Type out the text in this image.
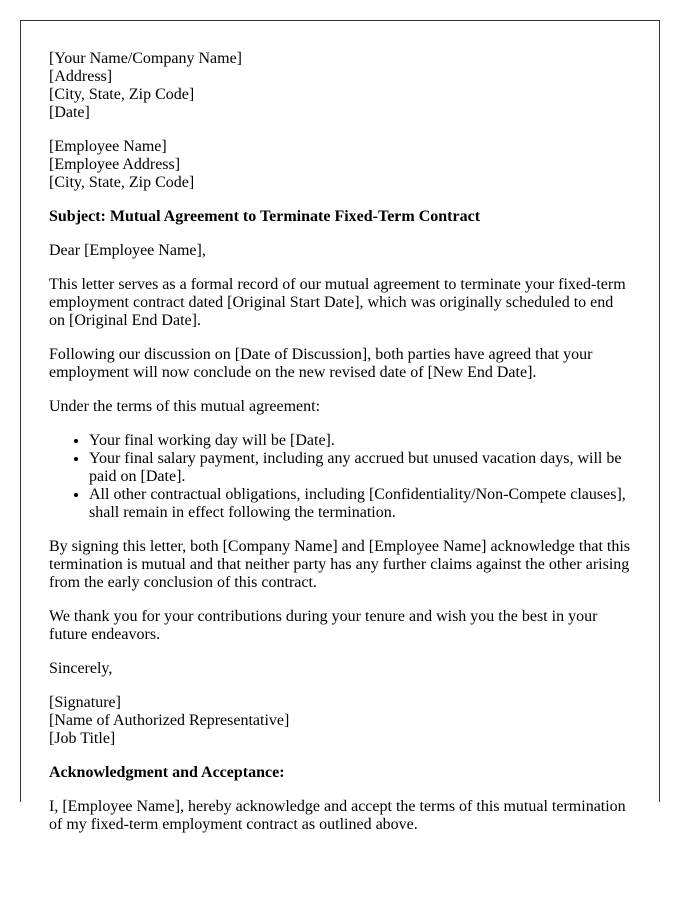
[Your Name/Company Name]
[Address]
[City, State, Zip Code]
[Date]
[Employee Name]
[Employee Address]
[City, State, Zip Code]

Subject: Mutual Agreement to Terminate Fixed-Term Contract

Dear [Employee Name],

This letter serves as a formal record of our mutual agreement to terminate your fixed-term employment contract dated [Original Start Date], which was originally scheduled to end on [Original End Date].

Following our discussion on [Date of Discussion], both parties have agreed that your employment will now conclude on the new revised date of [New End Date].

Under the terms of this mutual agreement:

• Your final working day will be [Date].
• Your final salary payment, including any accrued but unused vacation days, will be paid on [Date].
• All other contractual obligations, including [Confidentiality/Non-Compete clauses], shall remain in effect following the termination.

By signing this letter, both [Company Name] and [Employee Name] acknowledge that this termination is mutual and that neither party has any further claims against the other arising from the early conclusion of this contract.

We thank you for your contributions during your tenure and wish you the best in your future endeavors.

Sincerely,

[Signature]
[Name of Authorized Representative]
[Job Title]

Acknowledgment and Acceptance:

I, [Employee Name], hereby acknowledge and accept the terms of this mutual termination of my fixed-term employment contract as outlined above.
